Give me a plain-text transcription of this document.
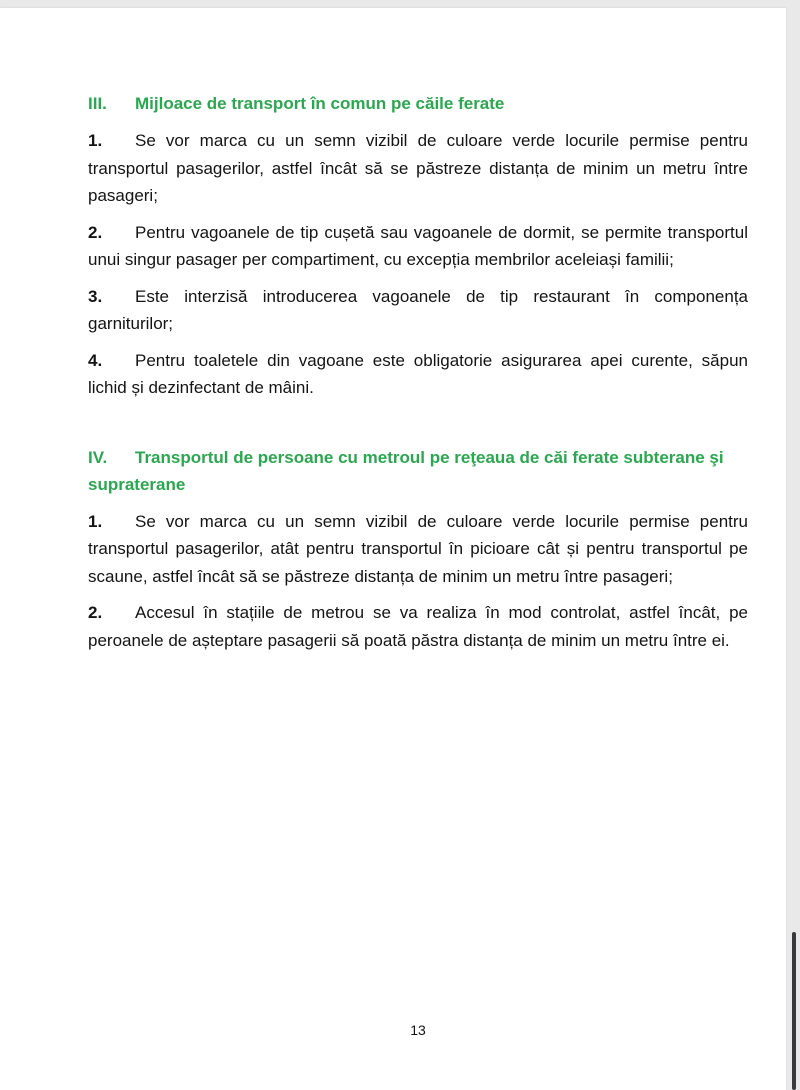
III.	Mijloace de transport în comun pe căile ferate

1. Se vor marca cu un semn vizibil de culoare verde locurile permise pentru transportul pasagerilor, astfel încât să se păstreze distanța de minim un metru între pasageri;

2. Pentru vagoanele de tip cușetă sau vagoanele de dormit, se permite transportul unui singur pasager per compartiment, cu excepția membrilor aceleiași familii;

3. Este interzisă introducerea vagoanele de tip restaurant în componența garniturilor;

4. Pentru toaletele din vagoane este obligatorie asigurarea apei curente, săpun lichid și dezinfectant de mâini.

IV. Transportul de persoane cu metroul pe reţeaua de căi ferate subterane şi supraterane

1. Se vor marca cu un semn vizibil de culoare verde locurile permise pentru transportul pasagerilor, atât pentru transportul în picioare cât și pentru transportul pe scaune, astfel încât să se păstreze distanța de minim un metru între pasageri;

2. Accesul în stațiile de metrou se va realiza în mod controlat, astfel încât, pe peroanele de așteptare pasagerii să poată păstra distanța de minim un metru între ei.

13
